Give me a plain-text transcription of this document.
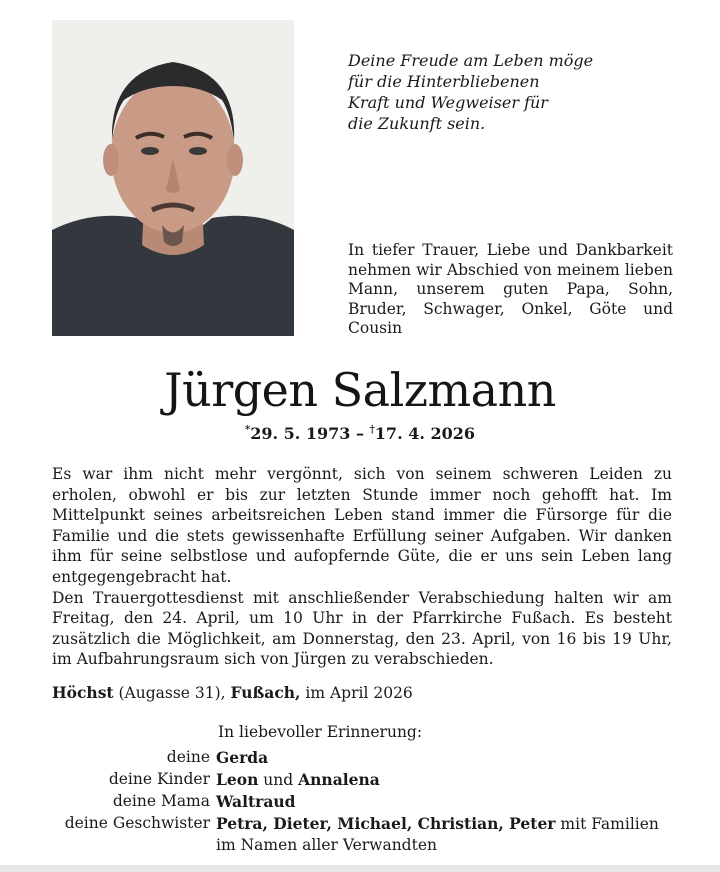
Deine Freude am Leben möge
für die Hinterbliebenen
Kraft und Wegweiser für
die Zukunft sein.
In tiefer Trauer, Liebe und Dankbarkeit nehmen wir Abschied von meinem lieben Mann, unserem guten Papa, Sohn, Bruder, Schwager, Onkel, Göte und Cousin
Jürgen Salzmann
*29. 5. 1973 – †17. 4. 2026

Es war ihm nicht mehr vergönnt, sich von seinem schweren Leiden zu erholen, obwohl er bis zur letzten Stunde immer noch gehofft hat. Im Mittelpunkt seines arbeitsreichen Leben stand immer die Fürsorge für die Familie und die stets gewissenhafte Erfüllung seiner Aufgaben. Wir danken ihm für seine selbstlose und aufopfernde Güte, die er uns sein Leben lang entgegengebracht hat.

Den Trauergottesdienst mit anschließender Verabschiedung halten wir am Freitag, den 24. April, um 10 Uhr in der Pfarrkirche Fußach. Es besteht zusätzlich die Möglichkeit, am Donnerstag, den 23. April, von 16 bis 19 Uhr, im Aufbahrungsraum sich von Jürgen zu verabschieden.

Höchst (Augasse 31), Fußach, im April 2026
In liebevoller Erinnerung:
deine Gerda
deine Kinder Leon und Annalena
deine Mama Waltraud
deine Geschwister Petra, Dieter, Michael, Christian, Peter mit Familien
im Namen aller Verwandten
